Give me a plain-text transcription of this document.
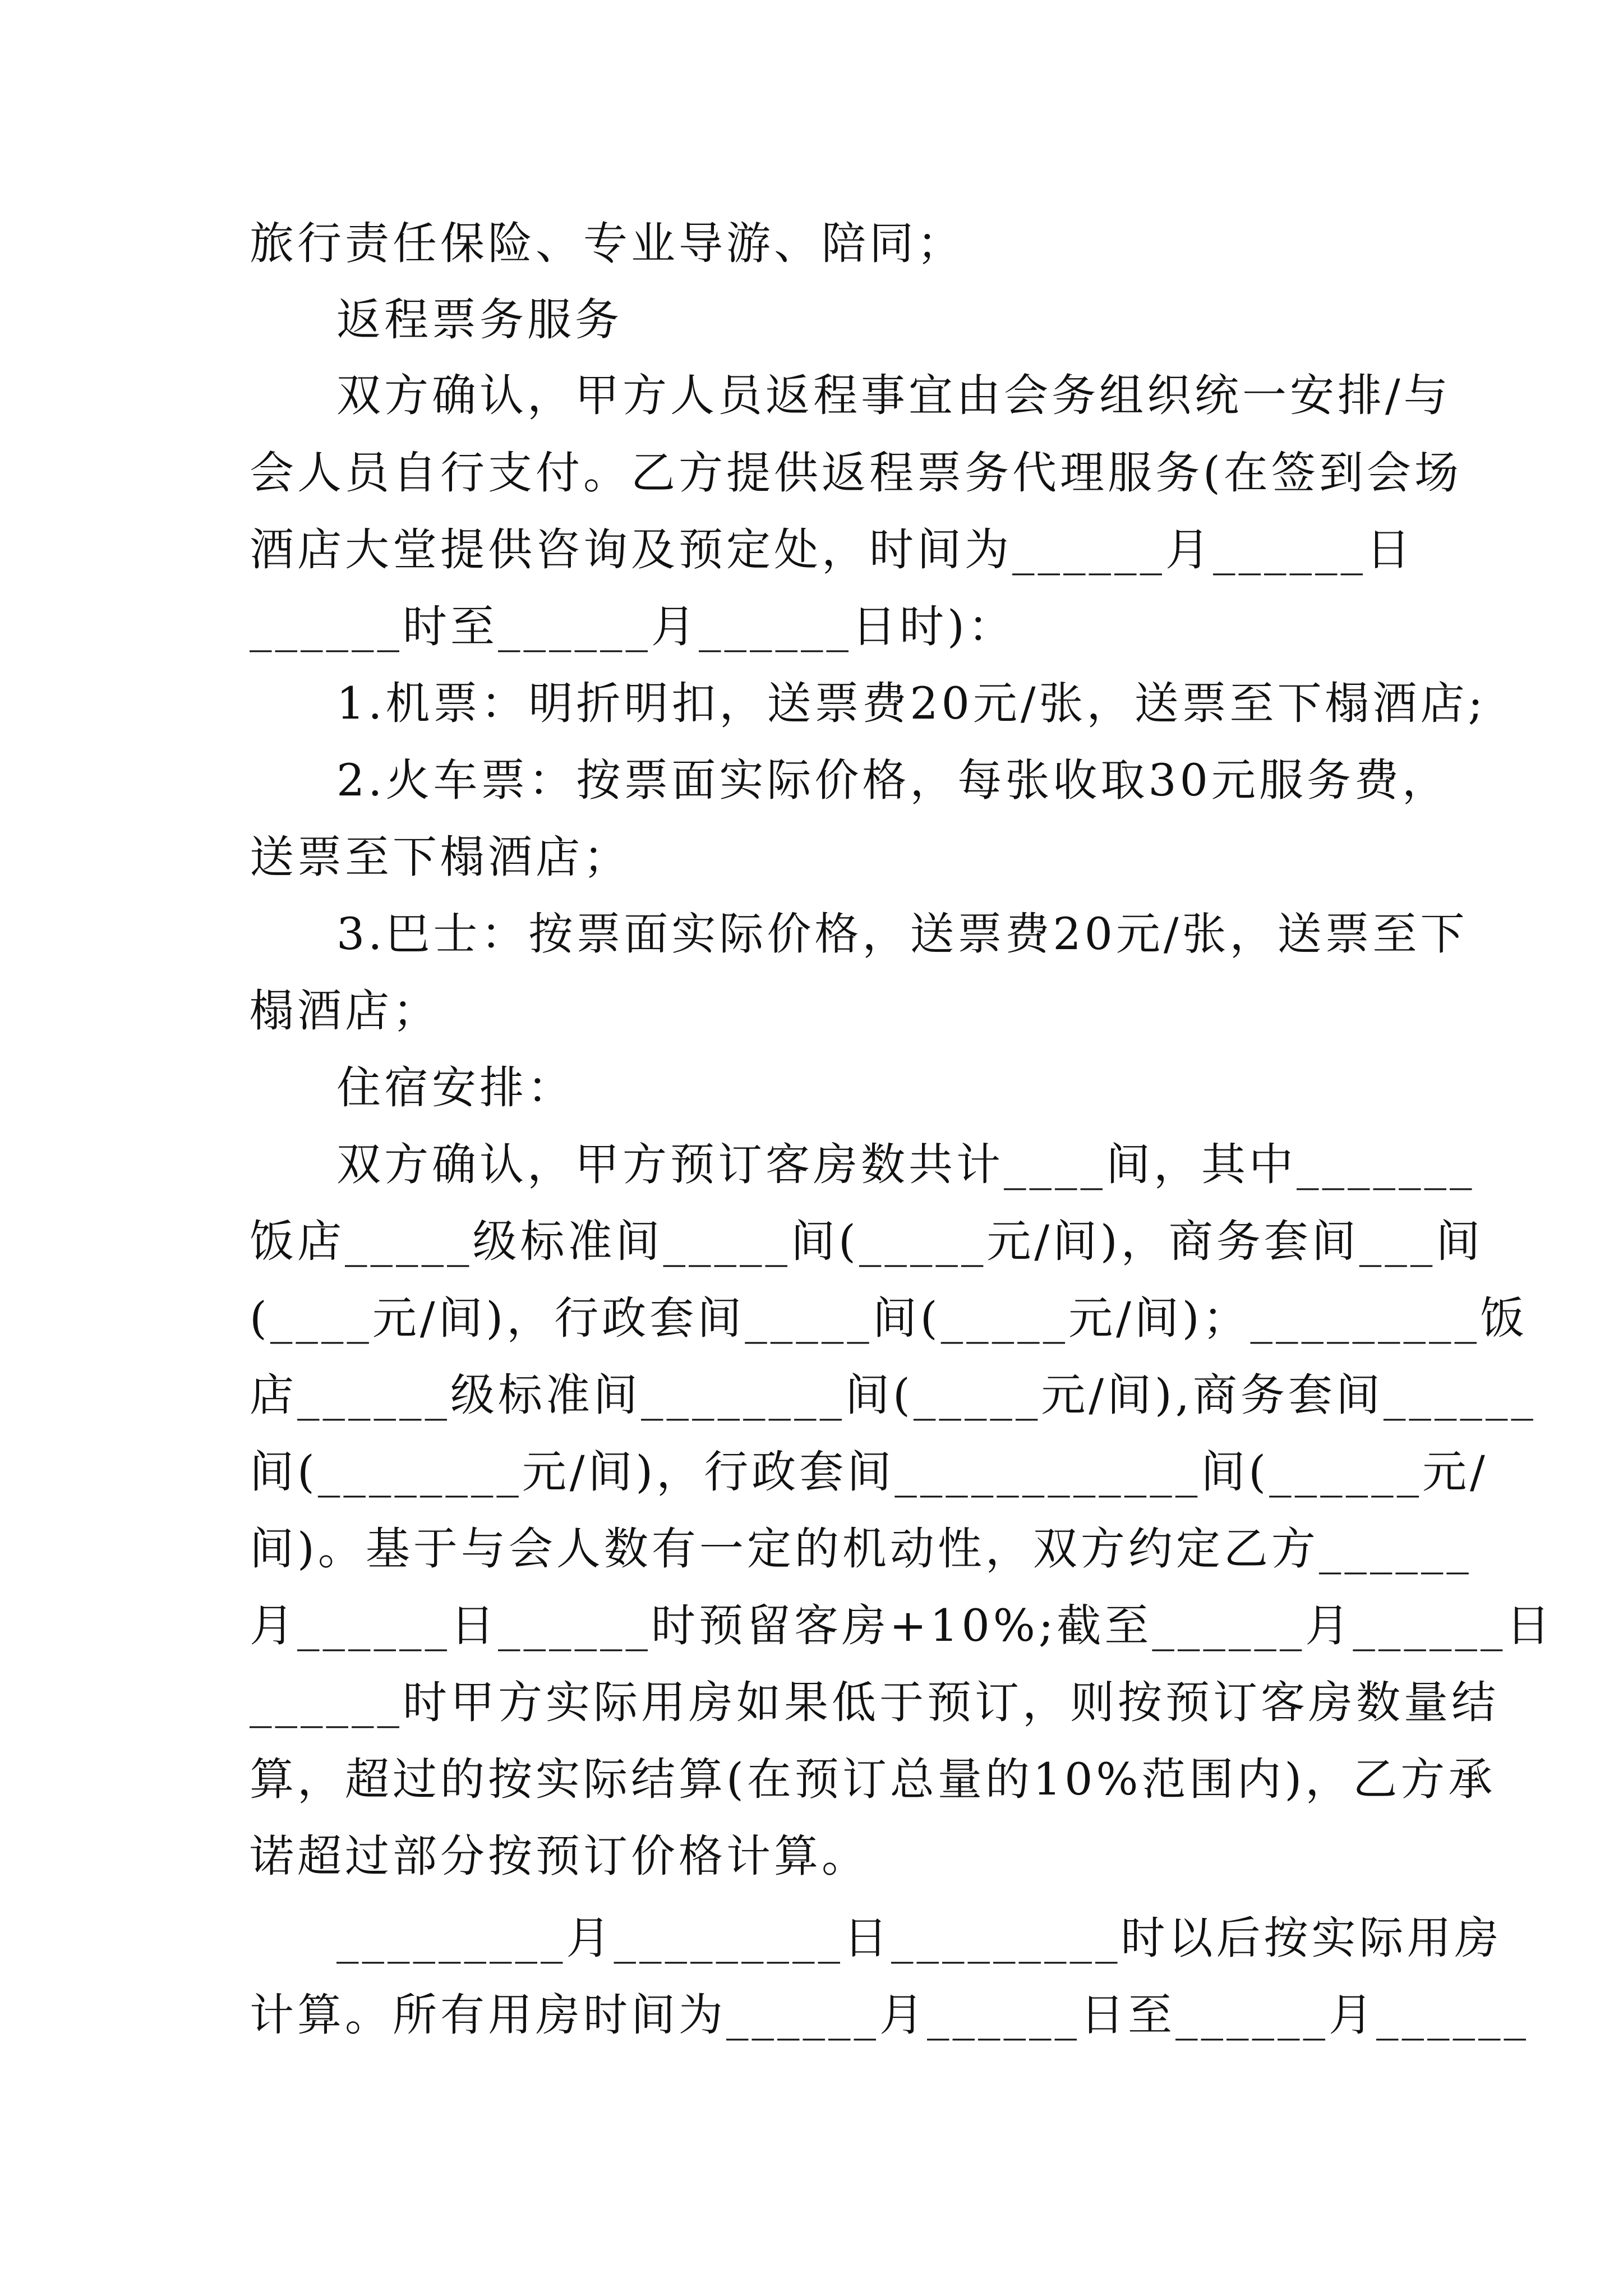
旅行责任保险、专业导游、陪同；
返程票务服务
双方确认，甲方人员返程事宜由会务组织统一安排/与
会人员自行支付。乙方提供返程票务代理服务(在签到会场
酒店大堂提供咨询及预定处，时间为______月______日
______时至______月______日时)：
1.机票：明折明扣，送票费20元/张，送票至下榻酒店;
2.火车票：按票面实际价格，每张收取30元服务费，
送票至下榻酒店；
3.巴士：按票面实际价格，送票费20元/张，送票至下
榻酒店；
住宿安排：
双方确认，甲方预订客房数共计____间，其中_______
饭店_____级标准间_____间(_____元/间)，商务套间___间
(____元/间)，行政套间_____间(_____元/间)；_________饭
店______级标准间________间(_____元/间),商务套间______
间(________元/间)，行政套间____________间(______元/
间)。基于与会人数有一定的机动性，双方约定乙方______
月______日______时预留客房+10%;截至______月______日
______时甲方实际用房如果低于预订，则按预订客房数量结
算，超过的按实际结算(在预订总量的10%范围内)，乙方承
诺超过部分按预订价格计算。
_________月_________日_________时以后按实际用房
计算。所有用房时间为______月______日至______月______
